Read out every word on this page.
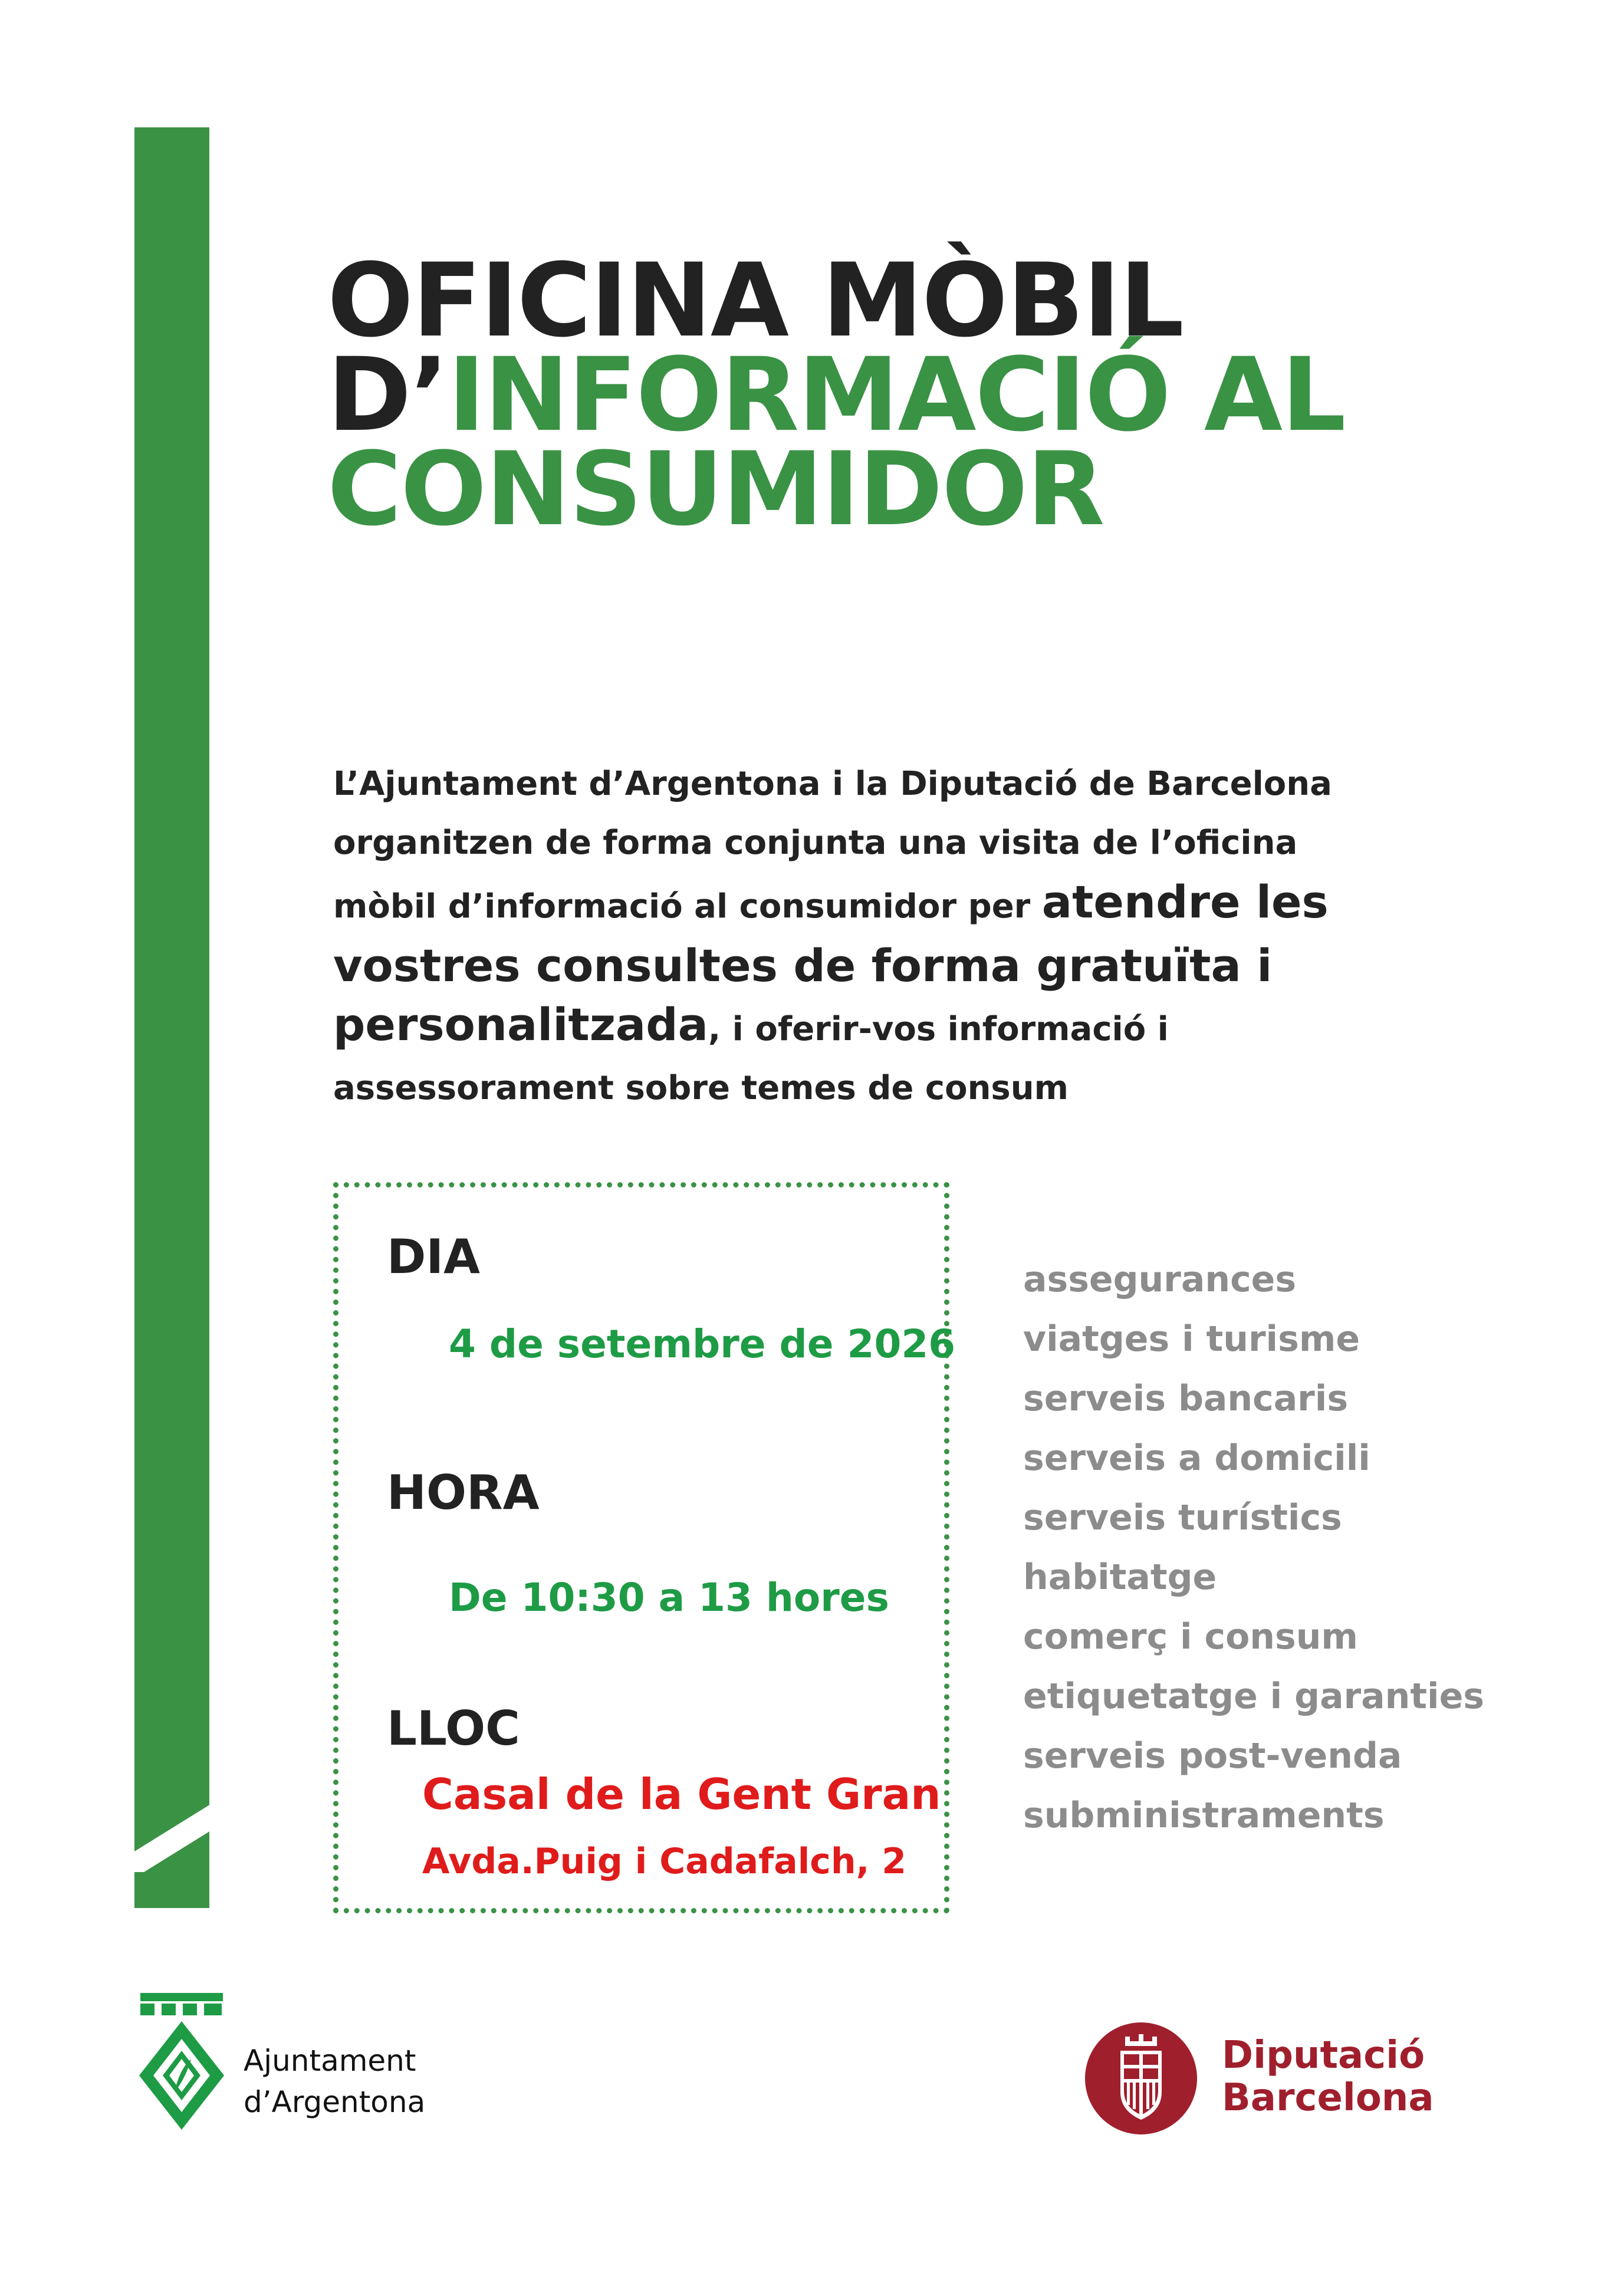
OFICINA MÒBIL
D’INFORMACIÓ AL
CONSUMIDOR

L’Ajuntament d’Argentona i la Diputació de Barcelona organitzen de forma conjunta una visita de l’oficina mòbil d’informació al consumidor per atendre les vostres consultes de forma gratuïta i personalitzada, i oferir-vos informació i assessorament sobre temes de consum

DIA
4 de setembre de 2026
HORA
De 10:30 a 13 hores
LLOC
Casal de la Gent Gran
Avda.Puig i Cadafalch, 2
assegurances
viatges i turisme
serveis bancaris
serveis a domicili
serveis turístics
habitatge
comerç i consum
etiquetatge i garanties
serveis post-venda
subministraments
Ajuntament
d’Argentona
Diputació
Barcelona
